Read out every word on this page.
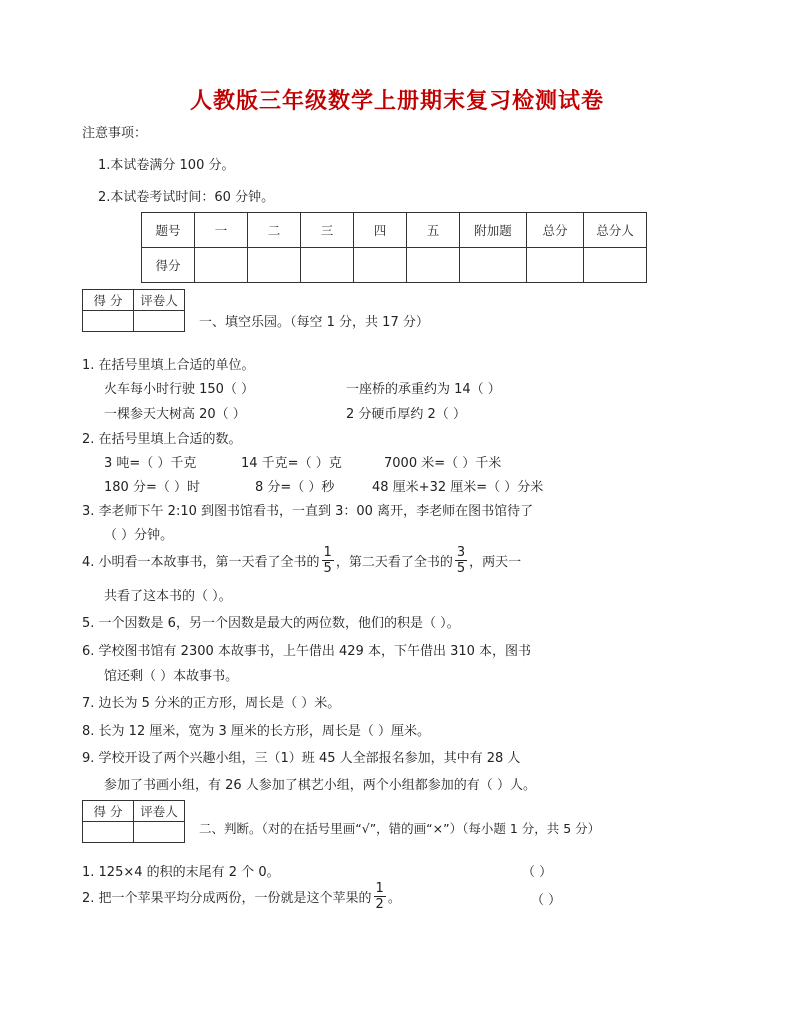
人教版三年级数学上册期末复习检测试卷
注意事项：
1.本试卷满分 100 分。
2.本试卷考试时间：60 分钟。
题号	一	二	三	四	五	附加题	总分	总分人
得分								
得 分	评卷人

一、填空乐园。（每空 1 分，共 17 分）
1. 在括号里填上合适的单位。
火车每小时行驶 150（ ）	一座桥的承重约为 14（ ）
一棵参天大树高 20（ ）	2 分硬币厚约 2（ ）
2. 在括号里填上合适的数。
3 吨=（ ）千克	14 千克=（ ）克	7000 米=（ ）千米
180 分=（ ）时	8 分=（ ）秒	48 厘米+32 厘米=（ ）分米
3. 李老师下午 2:10 到图书馆看书，一直到 3：00 离开，李老师在图书馆待了
（ ）分钟。
4. 小明看一本故事书，第一天看了全书的 $\frac{1}{5}$ ，第二天看了全书的 $\frac{3}{5}$ ，两天一
共看了这本书的（ ）。
5. 一个因数是 6，另一个因数是最大的两位数，他们的积是（ ）。
6. 学校图书馆有 2300 本故事书，上午借出 429 本，下午借出 310 本，图书
馆还剩（ ）本故事书。
7. 边长为 5 分米的正方形，周长是（ ）米。
8. 长为 12 厘米，宽为 3 厘米的长方形，周长是（ ）厘米。
9. 学校开设了两个兴趣小组，三（1）班 45 人全部报名参加，其中有 28 人
参加了书画小组，有 26 人参加了棋艺小组，两个小组都参加的有（ ）人。
得 分	评卷人

二、判断。（对的在括号里画“√”，错的画“×”）（每小题 1 分，共 5 分）
1. 125×4 的积的末尾有 2 个 0。	（ ）
2. 把一个苹果平均分成两份，一份就是这个苹果的 $\frac{1}{2}$ 。	（ ）
